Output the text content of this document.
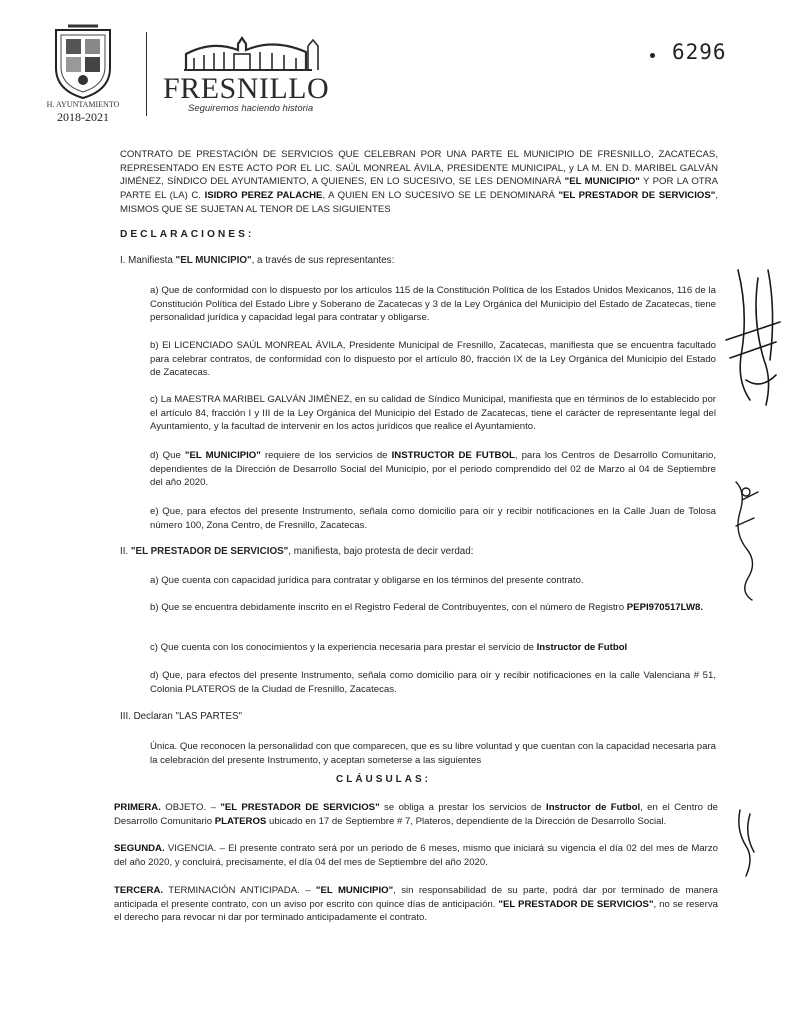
H. AYUNTAMIENTO
2018-2021
FRESNILLO
Seguiremos haciendo historia
6296
CONTRATO DE PRESTACIÓN DE SERVICIOS QUE CELEBRAN POR UNA PARTE EL MUNICIPIO DE FRESNILLO, ZACATECAS, REPRESENTADO EN ESTE ACTO POR EL LIC. SAÚL MONREAL ÁVILA, PRESIDENTE MUNICIPAL, y LA M. EN D. MARIBEL GALVÁN JIMÉNEZ, SÍNDICO DEL AYUNTAMIENTO, A QUIENES, EN LO SUCESIVO, SE LES DENOMINARÁ "EL MUNICIPIO" Y POR LA OTRA PARTE EL (LA) C. ISIDRO PEREZ PALACHE, A QUIEN EN LO SUCESIVO SE LE DENOMINARÁ "EL PRESTADOR DE SERVICIOS", MISMOS QUE SE SUJETAN AL TENOR DE LAS SIGUIENTES
DECLARACIONES:
I. Manifiesta "EL MUNICIPIO", a través de sus representantes:
a) Que de conformidad con lo dispuesto por los artículos 115 de la Constitución Política de los Estados Unidos Mexicanos, 116 de la Constitución Política del Estado Libre y Soberano de Zacatecas y 3 de la Ley Orgánica del Municipio del Estado de Zacatecas, tiene personalidad jurídica y capacidad legal para contratar y obligarse.
b) El LICENCIADO SAÚL MONREAL ÁVILA, Presidente Municipal de Fresnillo, Zacatecas, manifiesta que se encuentra facultado para celebrar contratos, de conformidad con lo dispuesto por el artículo 80, fracción IX de la Ley Orgánica del Municipio del Estado de Zacatecas.
c) La MAESTRA MARIBEL GALVÁN JIMÉNEZ, en su calidad de Síndico Municipal, manifiesta que en términos de lo establecido por el artículo 84, fracción I y III de la Ley Orgánica del Municipio del Estado de Zacatecas, tiene el carácter de representante legal del Ayuntamiento, y la facultad de intervenir en los actos jurídicos que realice el Ayuntamiento.
d) Que "EL MUNICIPIO" requiere de los servicios de INSTRUCTOR DE FUTBOL, para los Centros de Desarrollo Comunitario, dependientes de la Dirección de Desarrollo Social del Municipio, por el periodo comprendido del 02 de Marzo al 04 de Septiembre del año 2020.
e) Que, para efectos del presente Instrumento, señala como domicilio para oír y recibir notificaciones en la Calle Juan de Tolosa número 100, Zona Centro, de Fresnillo, Zacatecas.
II. "EL PRESTADOR DE SERVICIOS", manifiesta, bajo protesta de decir verdad:
a) Que cuenta con capacidad jurídica para contratar y obligarse en los términos del presente contrato.
b) Que se encuentra debidamente inscrito en el Registro Federal de Contribuyentes, con el número de Registro PEPI970517LW8.
c) Que cuenta con los conocimientos y la experiencia necesaria para prestar el servicio de Instructor de Futbol
d) Que, para efectos del presente Instrumento, señala como domicilio para oír y recibir notificaciones en la calle Valenciana # 51, Colonia PLATEROS de la Ciudad de Fresnillo, Zacatecas.
III. Declaran "LAS PARTES"
Única. Que reconocen la personalidad con que comparecen, que es su libre voluntad y que cuentan con la capacidad necesaria para la celebración del presente Instrumento, y aceptan someterse a las siguientes
CLÁUSULAS:
PRIMERA. OBJETO. – "EL PRESTADOR DE SERVICIOS" se obliga a prestar los servicios de Instructor de Futbol, en el Centro de Desarrollo Comunitario PLATEROS ubicado en 17 de Septiembre # 7, Plateros, dependiente de la Dirección de Desarrollo Social.
SEGUNDA. VIGENCIA. – El presente contrato será por un periodo de 6 meses, mismo que iniciará su vigencia el día 02 del mes de Marzo del año 2020, y concluirá, precisamente, el día 04 del mes de Septiembre del año 2020.
TERCERA. TERMINACIÓN ANTICIPADA. – "EL MUNICIPIO", sin responsabilidad de su parte, podrá dar por terminado de manera anticipada el presente contrato, con un aviso por escrito con quince días de anticipación. "EL PRESTADOR DE SERVICIOS", no se reserva el derecho para revocar ni dar por terminado anticipadamente el contrato.
